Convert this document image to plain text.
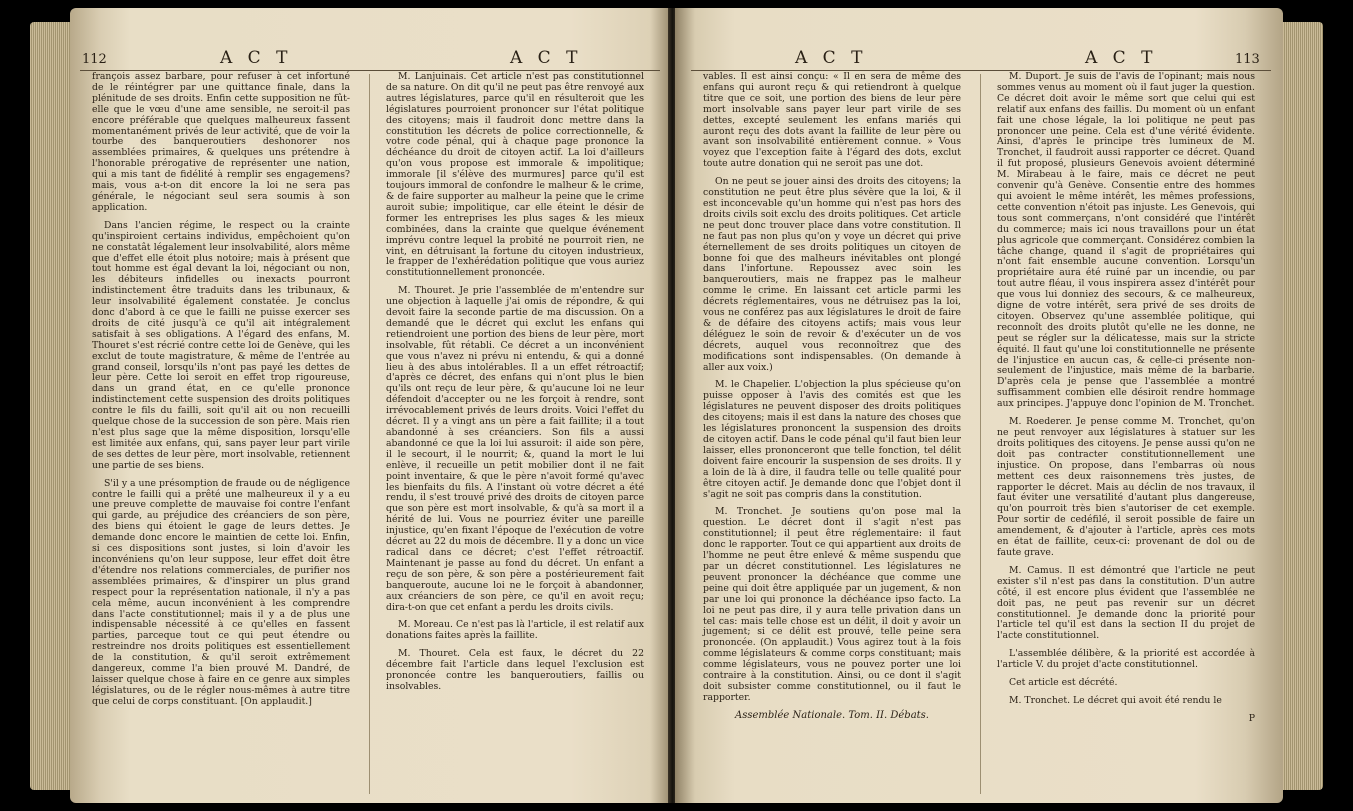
112	A C T	A C T

françois assez barbare, pour refuser à cet infortuné de le réintégrer par une quittance finale, dans la plénitude de ses droits. Enfin cette supposition ne fût-elle que le vœu d'une ame sensible, ne seroit-il pas encore préférable que quelques malheureux fassent momentanément privés de leur activité, que de voir la tourbe des banqueroutiers deshonorer nos assemblées primaires, & quelques uns prétendre à l'honorable prérogative de représenter une nation, qui a mis tant de fidélité à remplir ses engagemens? mais, vous a-t-on dit encore la loi ne sera pas générale, le négociant seul sera soumis à son application.

Dans l'ancien régime, le respect ou la crainte qu'inspiroient certains individus, empêchoient qu'on ne constatât légalement leur insolvabilité, alors même que d'effet elle étoit plus notoire; mais à présent que tout homme est égal devant la loi, négociant ou non, les débiteurs infidelles ou inexacts pourront indistinctement être traduits dans les tribunaux, & leur insolvabilité également constatée. Je conclus donc d'abord à ce que le failli ne puisse exercer ses droits de cité jusqu'à ce qu'il ait intégralement satisfait à ses obligations. A l'égard des enfans, M. Thouret s'est récrié contre cette loi de Genève, qui les exclut de toute magistrature, & même de l'entrée au grand conseil, lorsqu'ils n'ont pas payé les dettes de leur père. Cette loi seroit en effet trop rigoureuse, dans un grand état, en ce qu'elle prononce indistinctement cette suspension des droits politiques contre le fils du failli, soit qu'il ait ou non recueilli quelque chose de la succession de son père. Mais rien n'est plus sage que la même disposition, lorsqu'elle est limitée aux enfans, qui, sans payer leur part virile de ses dettes de leur père, mort insolvable, retiennent une partie de ses biens.

S'il y a une présomption de fraude ou de négligence contre le failli qui a prêté une malheureux il y a eu une preuve complette de mauvaise foi contre l'enfant qui garde, au préjudice des créanciers de son père, des biens qui étoient le gage de leurs dettes. Je demande donc encore le maintien de cette loi. Enfin, si ces dispositions sont justes, si loin d'avoir les inconvéniens qu'on leur suppose, leur effet doit être d'étendre nos relations commerciales, de purifier nos assemblées primaires, & d'inspirer un plus grand respect pour la représentation nationale, il n'y a pas cela même, aucun inconvénient à les comprendre dans l'acte constitutionnel; mais il y a de plus une indispensable nécessité à ce qu'elles en fassent parties, parceque tout ce qui peut étendre ou restreindre nos droits politiques est essentiellement de la constitution, & qu'il seroit extrêmement dangereux, comme l'a bien prouvé M. Dandré, de laisser quelque chose à faire en ce genre aux simples législatures, ou de le régler nous-mêmes à autre titre que celui de corps constituant. [On applaudit.]

M. Lanjuinais. Cet article n'est pas constitutionnel de sa nature. On dit qu'il ne peut pas être renvoyé aux autres législatures, parce qu'il en résulteroit que les législatures pourroient prononcer sur l'état politique des citoyens; mais il faudroit donc mettre dans la constitution les décrets de police correctionnelle, & votre code pénal, qui à chaque page prononce la déchéance du droit de citoyen actif. La loi d'ailleurs qu'on vous propose est immorale & impolitique; immorale [il s'élève des murmures] parce qu'il est toujours immoral de confondre le malheur & le crime, & de faire supporter au malheur la peine que le crime auroit subie; impolitique, car elle éteint le désir de former les entreprises les plus sages & les mieux combinées, dans la crainte que quelque événement imprévu contre lequel la probité ne pourroit rien, ne vint, en détruisant la fortune du citoyen industrieux, le frapper de l'exhérédation politique que vous auriez constitutionnellement prononcée.

M. Thouret. Je prie l'assemblée de m'entendre sur une objection à laquelle j'ai omis de répondre, & qui devoit faire la seconde partie de ma discussion. On a demandé que le décret qui exclut les enfans qui retiendroient une portion des biens de leur père, mort insolvable, fût rétabli. Ce décret a un inconvénient que vous n'avez ni prévu ni entendu, & qui a donné lieu à des abus intolérables. Il a un effet rétroactif; d'après ce décret, des enfans qui n'ont plus le bien qu'ils ont reçu de leur père, & qu'aucune loi ne leur défendoit d'accepter ou ne les forçoit à rendre, sont irrévocablement privés de leurs droits. Voici l'effet du décret. Il y a vingt ans un père a fait faillite; il a tout abandonné à ses créanciers. Son fils a aussi abandonné ce que la loi lui assuroit: il aide son père, il le secourt, il le nourrit; &, quand la mort le lui enlève, il recueille un petit mobilier dont il ne fait point inventaire, & que le père n'avoit formé qu'avec les bienfaits du fils. A l'instant où votre décret a été rendu, il s'est trouvé privé des droits de citoyen parce que son père est mort insolvable, & qu'à sa mort il a hérité de lui. Vous ne pourriez éviter une pareille injustice, qu'en fixant l'époque de l'exécution de votre décret au 22 du mois de décembre. Il y a donc un vice radical dans ce décret; c'est l'effet rétroactif. Maintenant je passe au fond du décret. Un enfant a reçu de son père, & son père a postérieurement fait banqueroute, aucune loi ne le forçoit à abandonner, aux créanciers de son père, ce qu'il en avoit reçu; dira-t-on que cet enfant a perdu les droits civils.

M. Moreau. Ce n'est pas là l'article, il est relatif aux donations faites après la faillite.

M. Thouret. Cela est faux, le décret du 22 décembre fait l'article dans lequel l'exclusion est prononcée contre les banqueroutiers, faillis ou insolvables.

A C T	A C T	113

vables. Il est ainsi conçu: « Il en sera de même des enfans qui auront reçu & qui retiendront à quelque titre que ce soit, une portion des biens de leur père mort insolvable sans payer leur part virile de ses dettes, excepté seulement les enfans mariés qui auront reçu des dots avant la faillite de leur père ou avant son insolvabilité entièrement connue. » Vous voyez que l'exception faite à l'égard des dots, exclut toute autre donation qui ne seroit pas une dot.

On ne peut se jouer ainsi des droits des citoyens; la constitution ne peut être plus sévère que la loi, & il est inconcevable qu'un homme qui n'est pas hors des droits civils soit exclu des droits politiques. Cet article ne peut donc trouver place dans votre constitution. Il ne faut pas non plus qu'on y voye un décret qui prive éternellement de ses droits politiques un citoyen de bonne foi que des malheurs inévitables ont plongé dans l'infortune. Repoussez avec soin les banqueroutiers, mais ne frappez pas le malheur comme le crime. En laissant cet article parmi les décrets réglementaires, vous ne détruisez pas la loi, vous ne conférez pas aux législatures le droit de faire & de défaire des citoyens actifs; mais vous leur déléguez le soin de revoir & d'exécuter un de vos décrets, auquel vous reconnoîtrez que des modifications sont indispensables. (On demande à aller aux voix.)

M. le Chapelier. L'objection la plus spécieuse qu'on puisse opposer à l'avis des comités est que les législatures ne peuvent disposer des droits politiques des citoyens; mais il est dans la nature des choses que les législatures prononcent la suspension des droits de citoyen actif. Dans le code pénal qu'il faut bien leur laisser, elles prononceront que telle fonction, tel délit doivent faire encourir la suspension de ses droits. Il y a loin de là à dire, il faudra telle ou telle qualité pour être citoyen actif. Je demande donc que l'objet dont il s'agit ne soit pas compris dans la constitution.

M. Tronchet. Je soutiens qu'on pose mal la question. Le décret dont il s'agit n'est pas constitutionnel; il peut être réglementaire: il faut donc le rapporter. Tout ce qui appartient aux droits de l'homme ne peut être enlevé & même suspendu que par un décret constitutionnel. Les législatures ne peuvent prononcer la déchéance que comme une peine qui doit être appliquée par un jugement, & non par une loi qui prononce la déchéance ipso facto. La loi ne peut pas dire, il y aura telle privation dans un tel cas: mais telle chose est un délit, il doit y avoir un jugement; si ce délit est prouvé, telle peine sera prononcée. (On applaudit.) Vous agirez tout à la fois comme législateurs & comme corps constituant; mais comme législateurs, vous ne pouvez porter une loi contraire à la constitution. Ainsi, ou ce dont il s'agit doit subsister comme constitutionnel, ou il faut le rapporter.

Assemblée Nationale. Tom. II. Débats.

M. Duport. Je suis de l'avis de l'opinant; mais nous sommes venus au moment où il faut juger la question. Ce décret doit avoir le même sort que celui qui est relatif aux enfans des faillis. Du moment où un enfant fait une chose légale, la loi politique ne peut pas prononcer une peine. Cela est d'une vérité évidente. Ainsi, d'après le principe très lumineux de M. Tronchet, il faudroit aussi rapporter ce décret. Quand il fut proposé, plusieurs Genevois avoient déterminé M. Mirabeau à le faire, mais ce décret ne peut convenir qu'à Genève. Consentie entre des hommes qui avoient le même intérêt, les mêmes professions, cette convention n'étoit pas injuste. Les Genevois, qui tous sont commerçans, n'ont considéré que l'intérêt du commerce; mais ici nous travaillons pour un état plus agricole que commerçant. Considérez combien la tâche change, quand il s'agit de propriétaires qui n'ont fait ensemble aucune convention. Lorsqu'un propriétaire aura été ruiné par un incendie, ou par tout autre fléau, il vous inspirera assez d'intérêt pour que vous lui donniez des secours, & ce malheureux, digne de votre intérêt, sera privé de ses droits de citoyen. Observez qu'une assemblée politique, qui reconnoît des droits plutôt qu'elle ne les donne, ne peut se régler sur la délicatesse, mais sur la stricte équité. Il faut qu'une loi constitutionnelle ne présente de l'injustice en aucun cas, & celle-ci présente non-seulement de l'injustice, mais même de la barbarie. D'après cela je pense que l'assemblée a montré suffisamment combien elle désiroit rendre hommage aux principes. J'appuye donc l'opinion de M. Tronchet.

M. Roederer. Je pense comme M. Tronchet, qu'on ne peut renvoyer aux législatures à statuer sur les droits politiques des citoyens. Je pense aussi qu'on ne doit pas contracter constitutionnellement une injustice. On propose, dans l'embarras où nous mettent ces deux raisonnemens très justes, de rapporter le décret. Mais au déclin de nos travaux, il faut éviter une versatilité d'autant plus dangereuse, qu'on pourroit très bien s'autoriser de cet exemple. Pour sortir de cedéfilé, il seroit possible de faire un amendement, & d'ajouter à l'article, après ces mots en état de faillite, ceux-ci: provenant de dol ou de faute grave.

M. Camus. Il est démontré que l'article ne peut exister s'il n'est pas dans la constitution. D'un autre côté, il est encore plus évident que l'assemblée ne doit pas, ne peut pas revenir sur un décret constitutionnel. Je demande donc la priorité pour l'article tel qu'il est dans la section II du projet de l'acte constitutionnel.

L'assemblée délibère, & la priorité est accordée à l'article V. du projet d'acte constitutionnel.

Cet article est décrété.

M. Tronchet. Le décret qui avoit été rendu le

P
